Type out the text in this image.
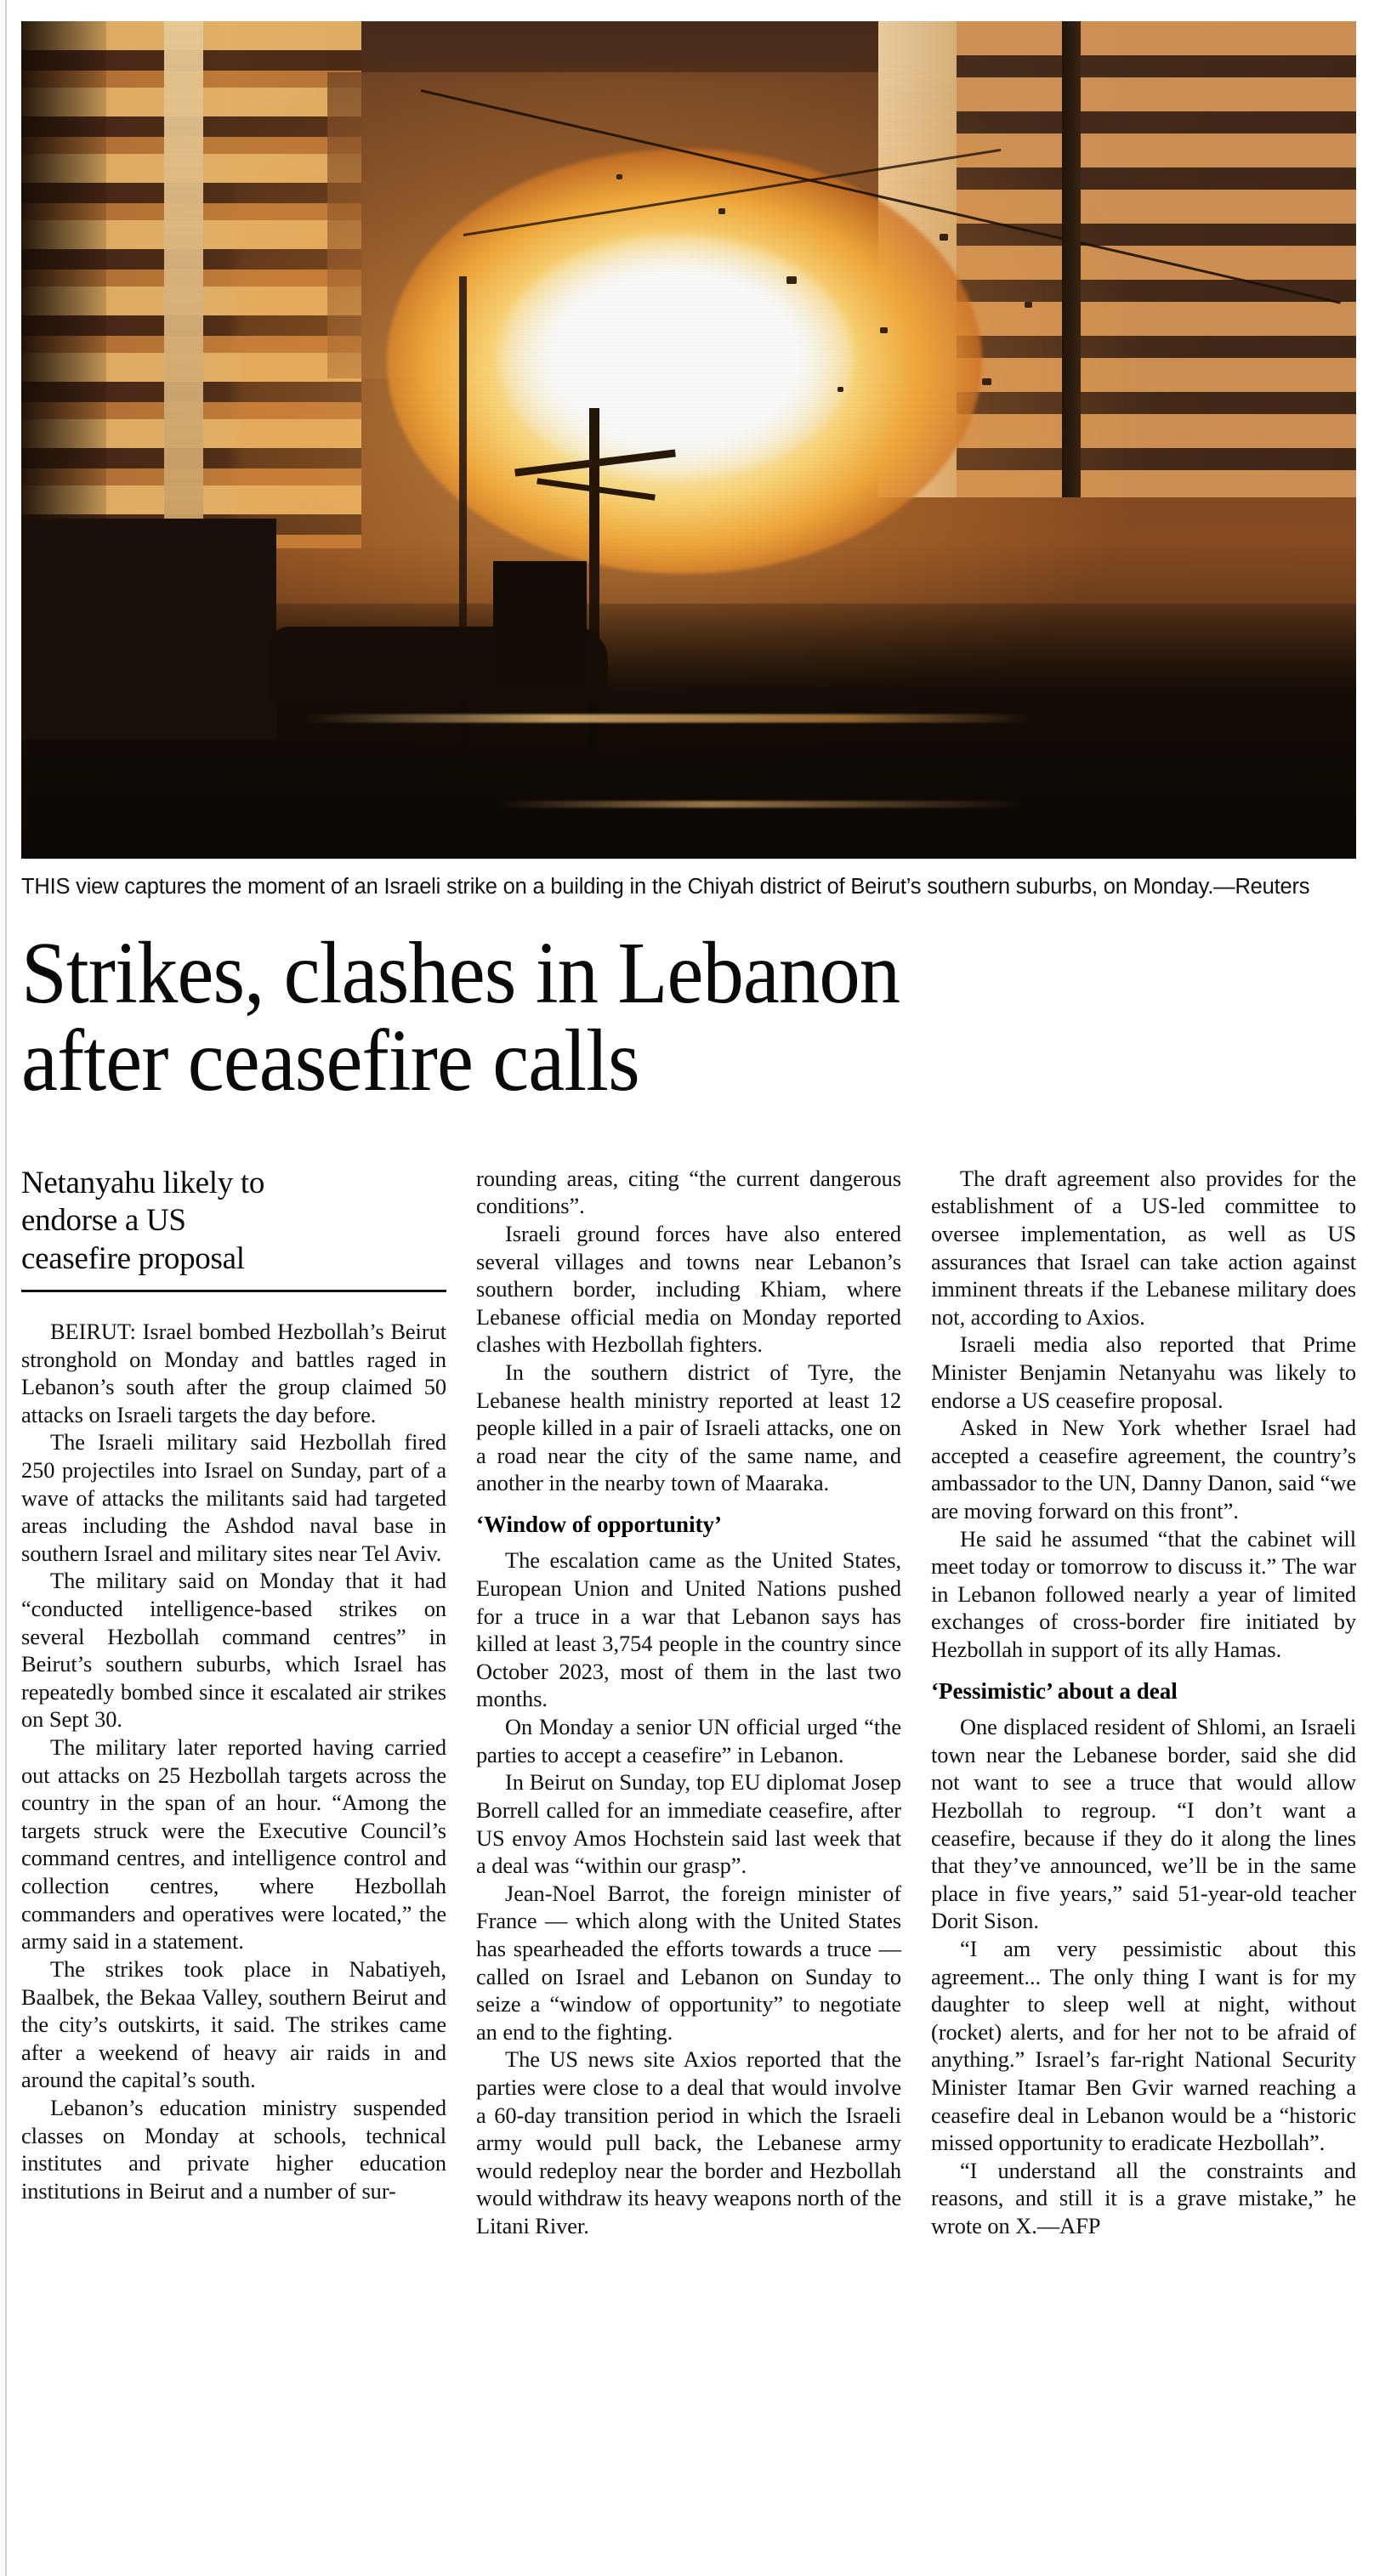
THIS view captures the moment of an Israeli strike on a building in the Chiyah district of Beirut’s southern suburbs, on Monday.—Reuters
Strikes, clashes in Lebanon
after ceasefire calls
Netanyahu likely to
endorse a US
ceasefire proposal

BEIRUT: Israel bombed Hezbollah’s Beirut stronghold on Monday and battles raged in Lebanon’s south after the group claimed 50 attacks on Israeli targets the day before.

The Israeli military said Hezbollah fired 250 projectiles into Israel on Sunday, part of a wave of attacks the militants said had targeted areas including the Ashdod naval base in southern Israel and military sites near Tel Aviv.

The military said on Monday that it had “conducted intelligence-based strikes on several Hezbollah command centres” in Beirut’s southern suburbs, which Israel has repeatedly bombed since it escalated air strikes on Sept 30.

The military later reported having carried out attacks on 25 Hezbollah targets across the country in the span of an hour. “Among the targets struck were the Executive Council’s command centres, and intelligence control and collection centres, where Hezbollah commanders and operatives were located,” the army said in a statement.

The strikes took place in Nabatiyeh, Baalbek, the Bekaa Valley, southern Beirut and the city’s outskirts, it said. The strikes came after a weekend of heavy air raids in and around the capital’s south.

Lebanon’s education ministry suspended classes on Monday at schools, technical institutes and private higher education institutions in Beirut and a number of sur-

rounding areas, citing “the current dangerous conditions”.

Israeli ground forces have also entered several villages and towns near Lebanon’s southern border, including Khiam, where Lebanese official media on Monday reported clashes with Hezbollah fighters.

In the southern district of Tyre, the Lebanese health ministry reported at least 12 people killed in a pair of Israeli attacks, one on a road near the city of the same name, and another in the nearby town of Maaraka.

‘Window of opportunity’

The escalation came as the United States, European Union and United Nations pushed for a truce in a war that Lebanon says has killed at least 3,754 people in the country since October 2023, most of them in the last two months.

On Monday a senior UN official urged “the parties to accept a ceasefire” in Lebanon.

In Beirut on Sunday, top EU diplomat Josep Borrell called for an immediate ceasefire, after US envoy Amos Hochstein said last week that a deal was “within our grasp”.

Jean-Noel Barrot, the foreign minister of France — which along with the United States has spearheaded the efforts towards a truce — called on Israel and Lebanon on Sunday to seize a “window of opportunity” to negotiate an end to the fighting.

The US news site Axios reported that the parties were close to a deal that would involve a 60-day transition period in which the Israeli army would pull back, the Lebanese army would redeploy near the border and Hezbollah would withdraw its heavy weapons north of the Litani River.

The draft agreement also provides for the establishment of a US-led committee to oversee implementation, as well as US assurances that Israel can take action against imminent threats if the Lebanese military does not, according to Axios.

Israeli media also reported that Prime Minister Benjamin Netanyahu was likely to endorse a US ceasefire proposal.

Asked in New York whether Israel had accepted a ceasefire agreement, the country’s ambassador to the UN, Danny Danon, said “we are moving forward on this front”.

He said he assumed “that the cabinet will meet today or tomorrow to discuss it.” The war in Lebanon followed nearly a year of limited exchanges of cross-border fire initiated by Hezbollah in support of its ally Hamas.

‘Pessimistic’ about a deal

One displaced resident of Shlomi, an Israeli town near the Lebanese border, said she did not want to see a truce that would allow Hezbollah to regroup. “I don’t want a ceasefire, because if they do it along the lines that they’ve announced, we’ll be in the same place in five years,” said 51-year-old teacher Dorit Sison.

“I am very pessimistic about this agreement... The only thing I want is for my daughter to sleep well at night, without (rocket) alerts, and for her not to be afraid of anything.” Israel’s far-right National Security Minister Itamar Ben Gvir warned reaching a ceasefire deal in Lebanon would be a “historic missed opportunity to eradicate Hezbollah”.

“I understand all the constraints and reasons, and still it is a grave mistake,” he wrote on X.—AFP
